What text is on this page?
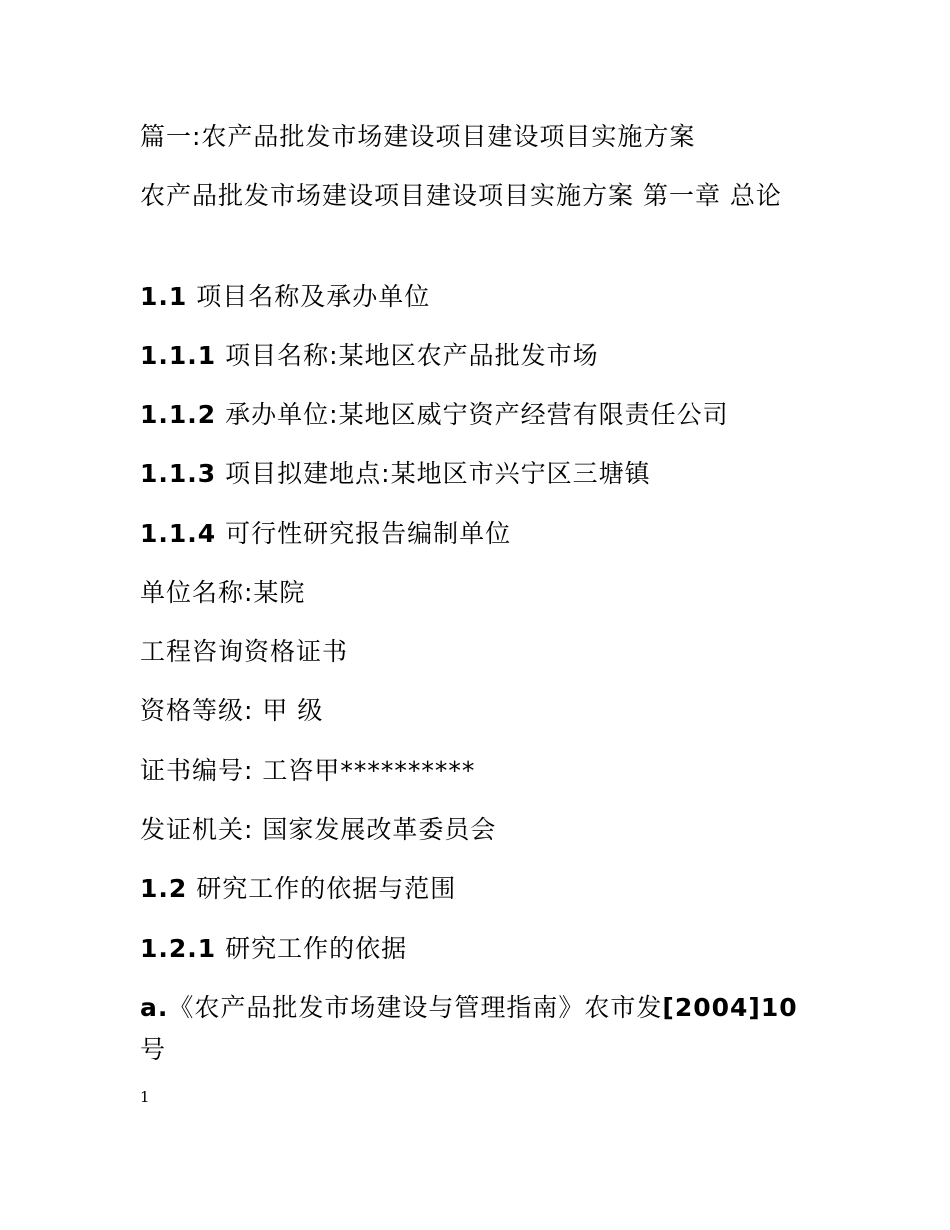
篇一:农产品批发市场建设项目建设项目实施方案
农产品批发市场建设项目建设项目实施方案 第一章 总论
1.1 项目名称及承办单位
1.1.1 项目名称:某地区农产品批发市场
1.1.2 承办单位:某地区威宁资产经营有限责任公司
1.1.3 项目拟建地点:某地区市兴宁区三塘镇
1.1.4 可行性研究报告编制单位
单位名称:某院
工程咨询资格证书
资格等级: 甲 级
证书编号: 工咨甲**********
发证机关: 国家发展改革委员会
1.2 研究工作的依据与范围
1.2.1 研究工作的依据
a.《农产品批发市场建设与管理指南》农市发[2004]10号
1
